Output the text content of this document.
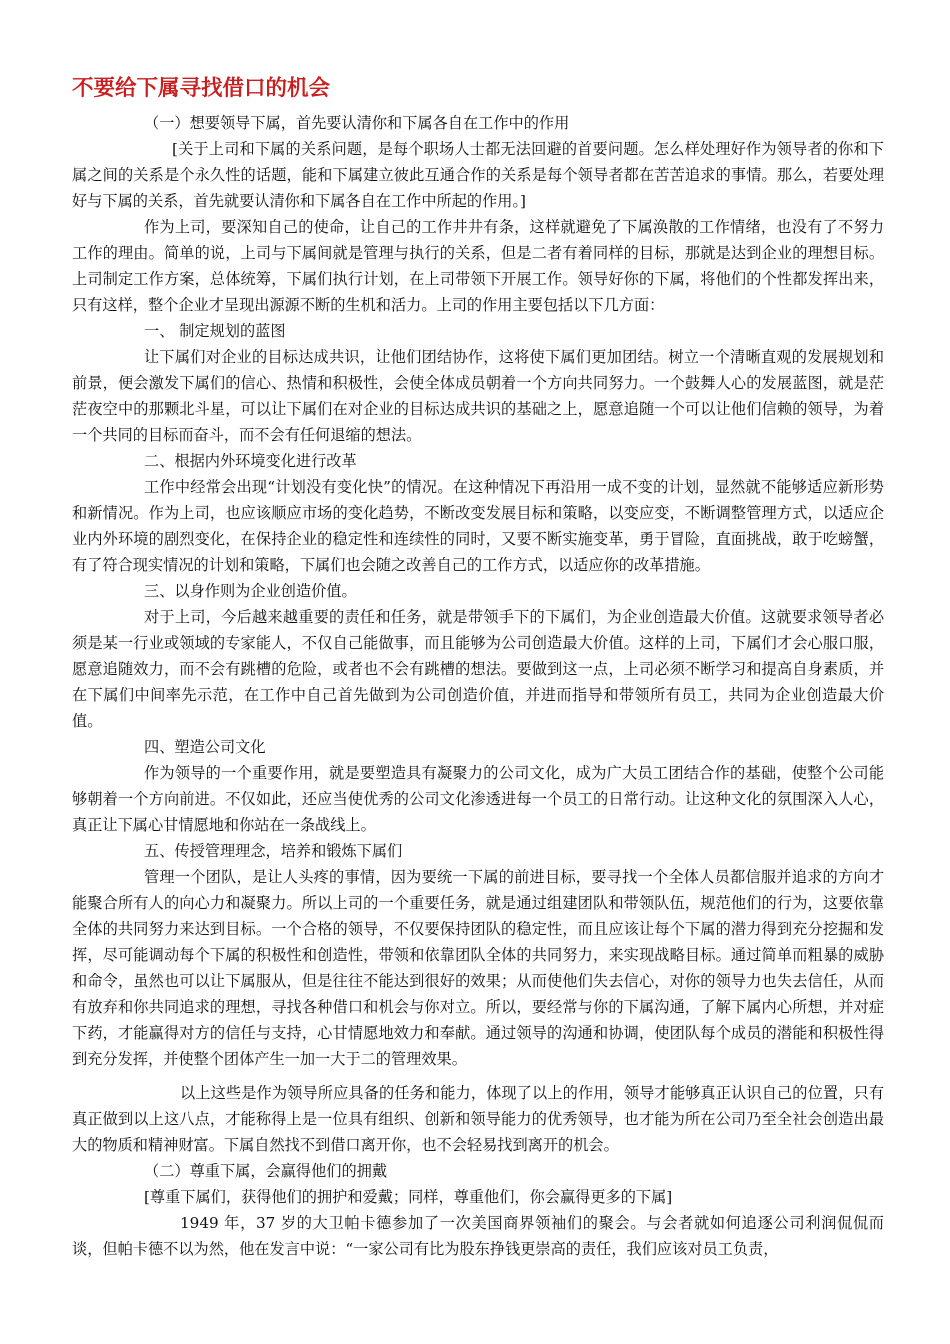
不要给下属寻找借口的机会

（一）想要领导下属，首先要认清你和下属各自在工作中的作用

[关于上司和下属的关系问题，是每个职场人士都无法回避的首要问题。怎么样处理好作为领导者的你和下属之间的关系是个永久性的话题，能和下属建立彼此互通合作的关系是每个领导者都在苦苦追求的事情。那么，若要处理好与下属的关系，首先就要认清你和下属各自在工作中所起的作用。]

作为上司，要深知自己的使命，让自己的工作井井有条，这样就避免了下属涣散的工作情绪，也没有了不努力工作的理由。简单的说，上司与下属间就是管理与执行的关系，但是二者有着同样的目标，那就是达到企业的理想目标。上司制定工作方案，总体统筹，下属们执行计划，在上司带领下开展工作。领导好你的下属，将他们的个性都发挥出来，只有这样，整个企业才呈现出源源不断的生机和活力。上司的作用主要包括以下几方面：

一、 制定规划的蓝图

让下属们对企业的目标达成共识，让他们团结协作，这将使下属们更加团结。树立一个清晰直观的发展规划和前景，便会激发下属们的信心、热情和积极性，会使全体成员朝着一个方向共同努力。一个鼓舞人心的发展蓝图，就是茫茫夜空中的那颗北斗星，可以让下属们在对企业的目标达成共识的基础之上，愿意追随一个可以让他们信赖的领导，为着一个共同的目标而奋斗，而不会有任何退缩的想法。

二、根据内外环境变化进行改革

工作中经常会出现“计划没有变化快”的情况。在这种情况下再沿用一成不变的计划，显然就不能够适应新形势和新情况。作为上司，也应该顺应市场的变化趋势，不断改变发展目标和策略，以变应变，不断调整管理方式，以适应企业内外环境的剧烈变化，在保持企业的稳定性和连续性的同时，又要不断实施变革，勇于冒险，直面挑战，敢于吃螃蟹，有了符合现实情况的计划和策略，下属们也会随之改善自己的工作方式，以适应你的改革措施。

三、以身作则为企业创造价值。

对于上司，今后越来越重要的责任和任务，就是带领手下的下属们，为企业创造最大价值。这就要求领导者必须是某一行业或领域的专家能人，不仅自己能做事，而且能够为公司创造最大价值。这样的上司，下属们才会心服口服，愿意追随效力，而不会有跳槽的危险，或者也不会有跳槽的想法。要做到这一点，上司必须不断学习和提高自身素质，并在下属们中间率先示范，在工作中自己首先做到为公司创造价值，并进而指导和带领所有员工，共同为企业创造最大价值。

四、塑造公司文化

作为领导的一个重要作用，就是要塑造具有凝聚力的公司文化，成为广大员工团结合作的基础，使整个公司能够朝着一个方向前进。不仅如此，还应当使优秀的公司文化渗透进每一个员工的日常行动。让这种文化的氛围深入人心，真正让下属心甘情愿地和你站在一条战线上。

五、传授管理理念，培养和锻炼下属们

管理一个团队，是让人头疼的事情，因为要统一下属的前进目标，要寻找一个全体人员都信服并追求的方向才能聚合所有人的向心力和凝聚力。所以上司的一个重要任务，就是通过组建团队和带领队伍，规范他们的行为，这要依靠全体的共同努力来达到目标。一个合格的领导，不仅要保持团队的稳定性，而且应该让每个下属的潜力得到充分挖掘和发挥，尽可能调动每个下属的积极性和创造性，带领和依靠团队全体的共同努力，来实现战略目标。通过简单而粗暴的威胁和命令，虽然也可以让下属服从，但是往往不能达到很好的效果；从而使他们失去信心，对你的领导力也失去信任，从而有放弃和你共同追求的理想，寻找各种借口和机会与你对立。所以，要经常与你的下属沟通，了解下属内心所想，并对症下药，才能赢得对方的信任与支持，心甘情愿地效力和奉献。通过领导的沟通和协调，使团队每个成员的潜能和积极性得到充分发挥，并使整个团体产生一加一大于二的管理效果。

以上这些是作为领导所应具备的任务和能力，体现了以上的作用，领导才能够真正认识自己的位置，只有真正做到以上这八点，才能称得上是一位具有组织、创新和领导能力的优秀领导，也才能为所在公司乃至全社会创造出最大的物质和精神财富。下属自然找不到借口离开你，也不会轻易找到离开的机会。

（二）尊重下属，会赢得他们的拥戴

[尊重下属们，获得他们的拥护和爱戴；同样，尊重他们，你会赢得更多的下属]

1949 年，37 岁的大卫帕卡德参加了一次美国商界领袖们的聚会。与会者就如何追逐公司利润侃侃而谈，但帕卡德不以为然，他在发言中说：“一家公司有比为股东挣钱更崇高的责任，我们应该对员工负责，
